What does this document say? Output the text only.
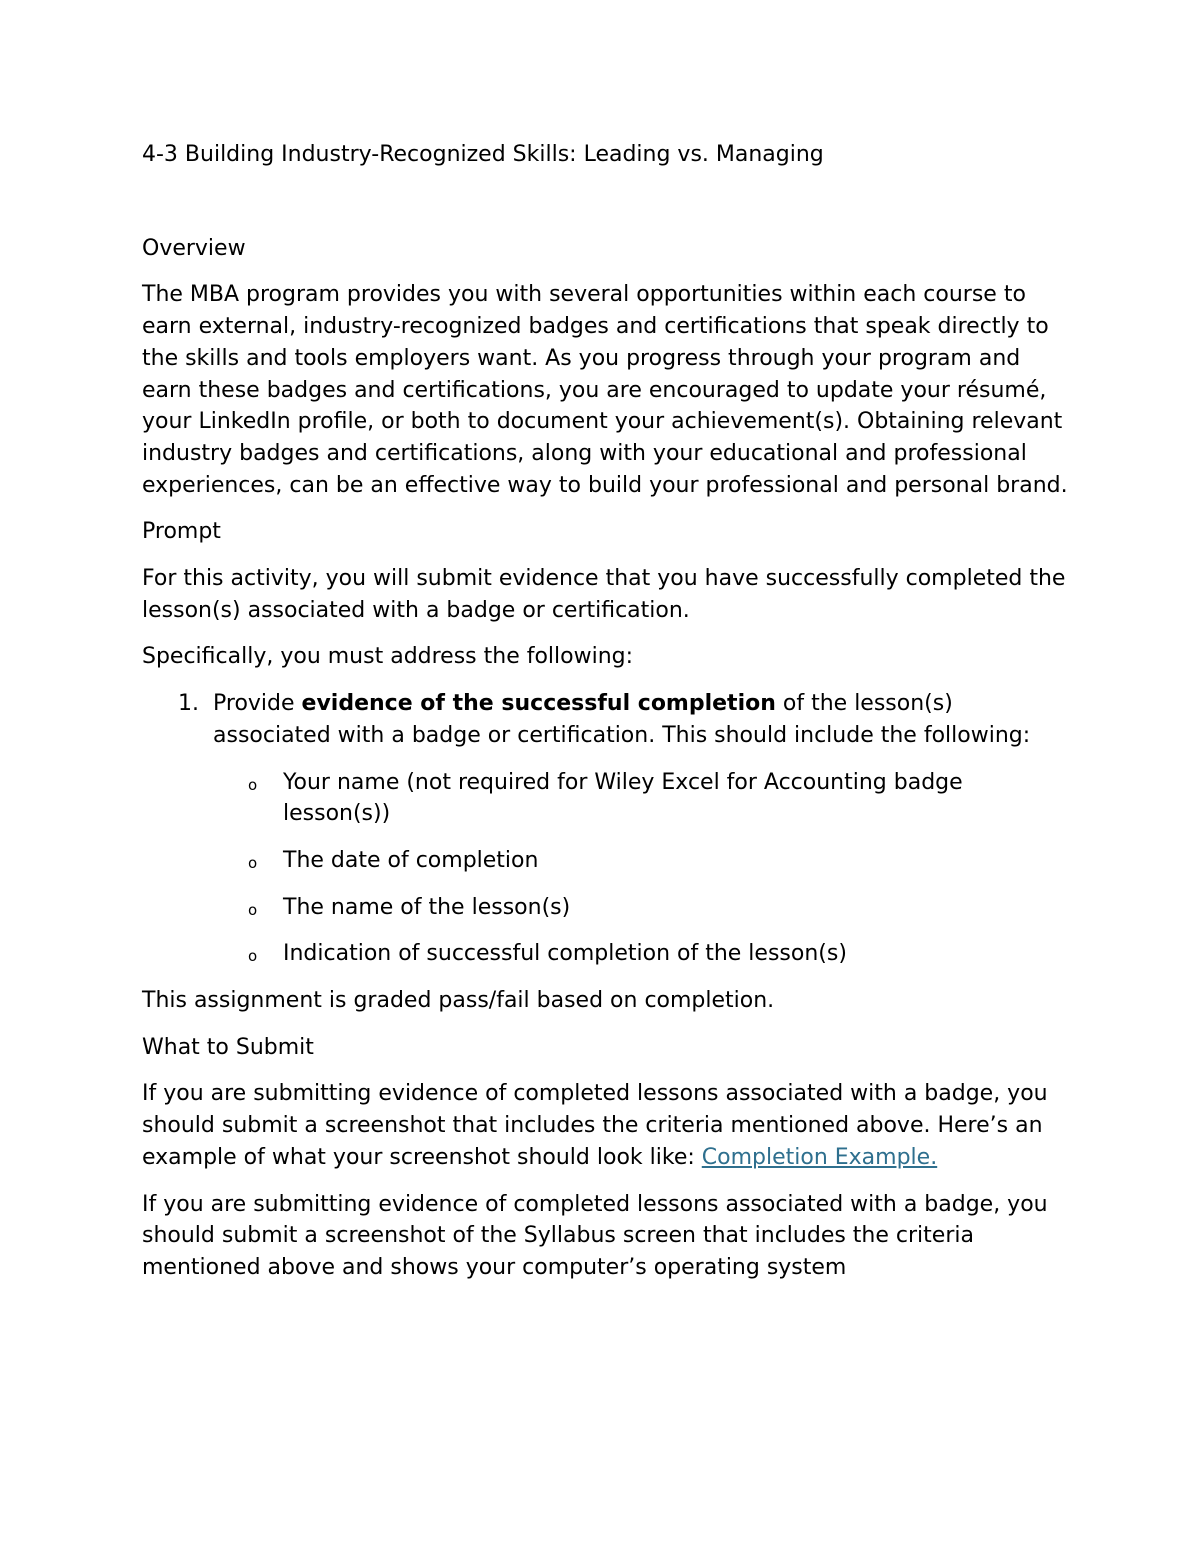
4-3 Building Industry-Recognized Skills: Leading vs. Managing
Overview

The MBA program provides you with several opportunities within each course to earn external, industry-recognized badges and certifications that speak directly to the skills and tools employers want. As you progress through your program and earn these badges and certifications, you are encouraged to update your résumé, your LinkedIn profile, or both to document your achievement(s). Obtaining relevant industry badges and certifications, along with your educational and professional experiences, can be an effective way to build your professional and personal brand.

Prompt

For this activity, you will submit evidence that you have successfully completed the lesson(s) associated with a badge or certification.

Specifically, you must address the following:

1. Provide evidence of the successful completion of the lesson(s) associated with a badge or certification. This should include the following:
o Your name (not required for Wiley Excel for Accounting badge lesson(s))
o The date of completion
o The name of the lesson(s)
o Indication of successful completion of the lesson(s)

This assignment is graded pass/fail based on completion.

What to Submit

If you are submitting evidence of completed lessons associated with a badge, you should submit a screenshot that includes the criteria mentioned above. Here’s an example of what your screenshot should look like: Completion Example.

If you are submitting evidence of completed lessons associated with a badge, you should submit a screenshot of the Syllabus screen that includes the criteria mentioned above and shows your computer’s operating system
